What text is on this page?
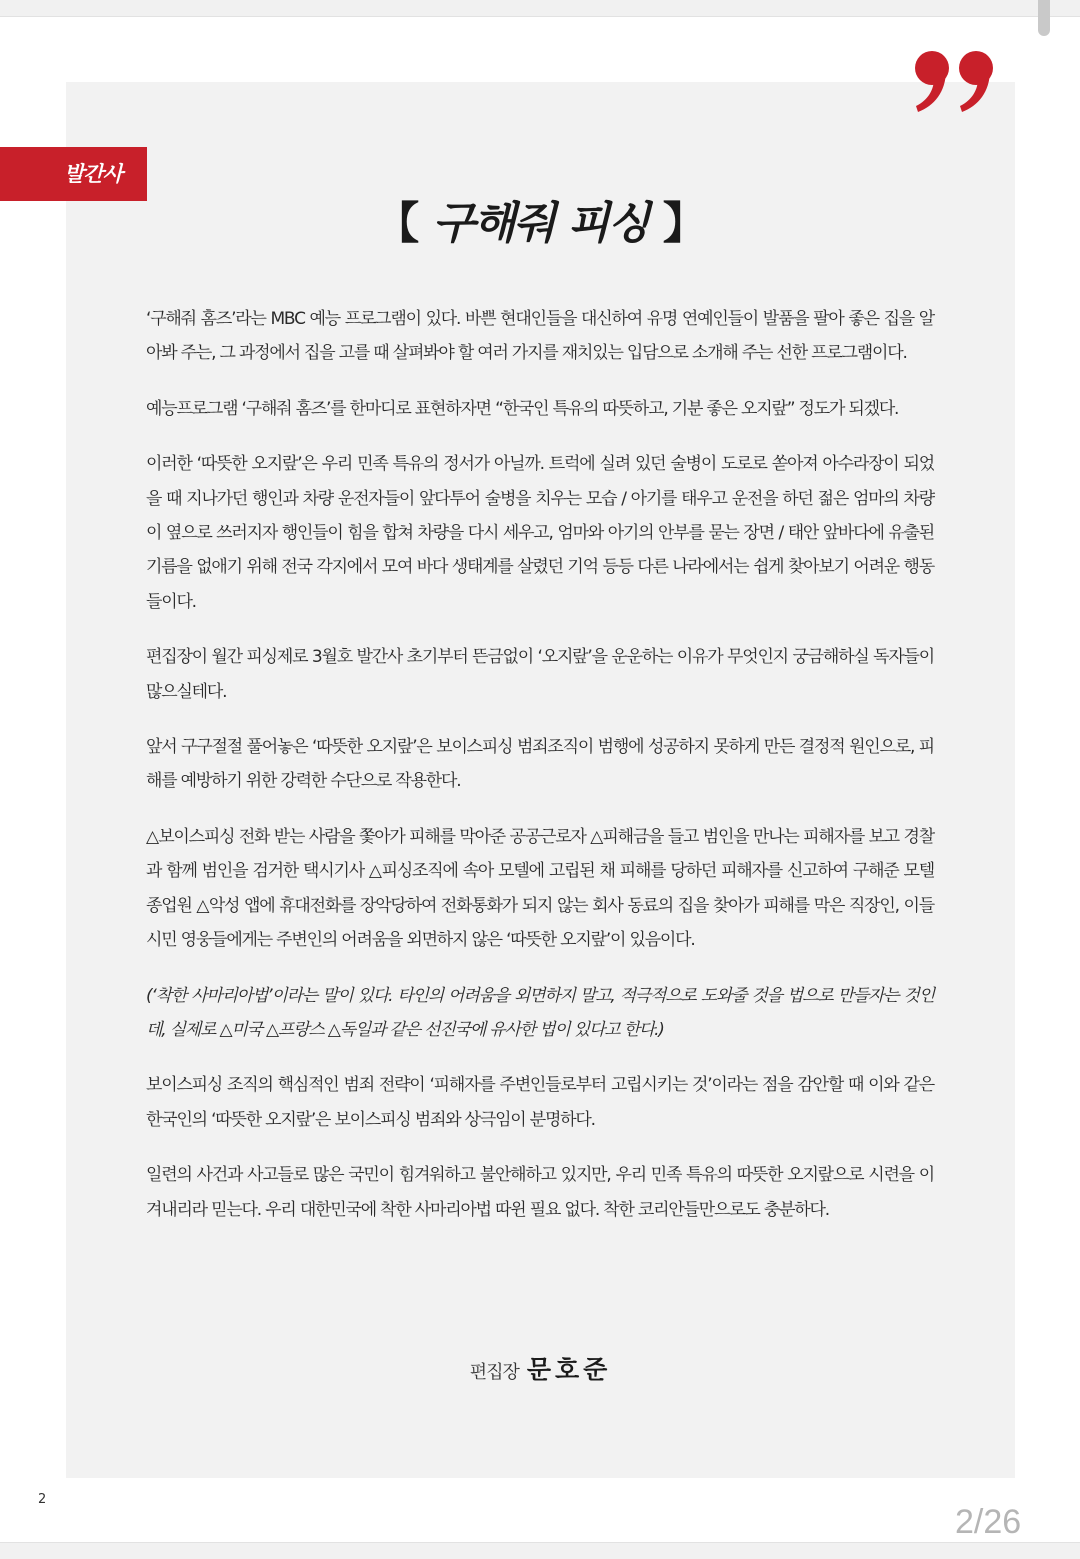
발간사
【 구해줘 피싱 】

‘구해줘 홈즈’라는 MBC 예능 프로그램이 있다. 바쁜 현대인들을 대신하여 유명 연예인들이 발품을 팔아 좋은 집을 알아봐 주는, 그 과정에서 집을 고를 때 살펴봐야 할 여러 가지를 재치있는 입담으로 소개해 주는 선한 프로그램이다.

예능프로그램 ‘구해줘 홈즈’를 한마디로 표현하자면 “한국인 특유의 따뜻하고, 기분 좋은 오지랖” 정도가 되겠다.

이러한 ‘따뜻한 오지랖’은 우리 민족 특유의 정서가 아닐까. 트럭에 실려 있던 술병이 도로로 쏟아져 아수라장이 되었을 때 지나가던 행인과 차량 운전자들이 앞다투어 술병을 치우는 모습 / 아기를 태우고 운전을 하던 젊은 엄마의 차량이 옆으로 쓰러지자 행인들이 힘을 합쳐 차량을 다시 세우고, 엄마와 아기의 안부를 묻는 장면 / 태안 앞바다에 유출된 기름을 없애기 위해 전국 각지에서 모여 바다 생태계를 살렸던 기억 등등 다른 나라에서는 쉽게 찾아보기 어려운 행동들이다.

편집장이 월간 피싱제로 3월호 발간사 초기부터 뜬금없이 ‘오지랖’을 운운하는 이유가 무엇인지 궁금해하실 독자들이 많으실테다.

앞서 구구절절 풀어놓은 ‘따뜻한 오지랖’은 보이스피싱 범죄조직이 범행에 성공하지 못하게 만든 결정적 원인으로, 피해를 예방하기 위한 강력한 수단으로 작용한다.

△보이스피싱 전화 받는 사람을 쫓아가 피해를 막아준 공공근로자 △피해금을 들고 범인을 만나는 피해자를 보고 경찰과 함께 범인을 검거한 택시기사 △피싱조직에 속아 모텔에 고립된 채 피해를 당하던 피해자를 신고하여 구해준 모텔 종업원 △악성 앱에 휴대전화를 장악당하여 전화통화가 되지 않는 회사 동료의 집을 찾아가 피해를 막은 직장인, 이들 시민 영웅들에게는 주변인의 어려움을 외면하지 않은 ‘따뜻한 오지랖’이 있음이다.

(‘착한 사마리아법’이라는 말이 있다. 타인의 어려움을 외면하지 말고, 적극적으로 도와줄 것을 법으로 만들자는 것인데, 실제로 △미국 △프랑스 △독일과 같은 선진국에 유사한 법이 있다고 한다.)

보이스피싱 조직의 핵심적인 범죄 전략이 ‘피해자를 주변인들로부터 고립시키는 것’이라는 점을 감안할 때 이와 같은 한국인의 ‘따뜻한 오지랖’은 보이스피싱 범죄와 상극임이 분명하다.

일련의 사건과 사고들로 많은 국민이 힘겨워하고 불안해하고 있지만, 우리 민족 특유의 따뜻한 오지랖으로 시련을 이겨내리라 믿는다. 우리 대한민국에 착한 사마리아법 따윈 필요 없다. 착한 코리안들만으로도 충분하다.

편집장 문호준
2
2/26
